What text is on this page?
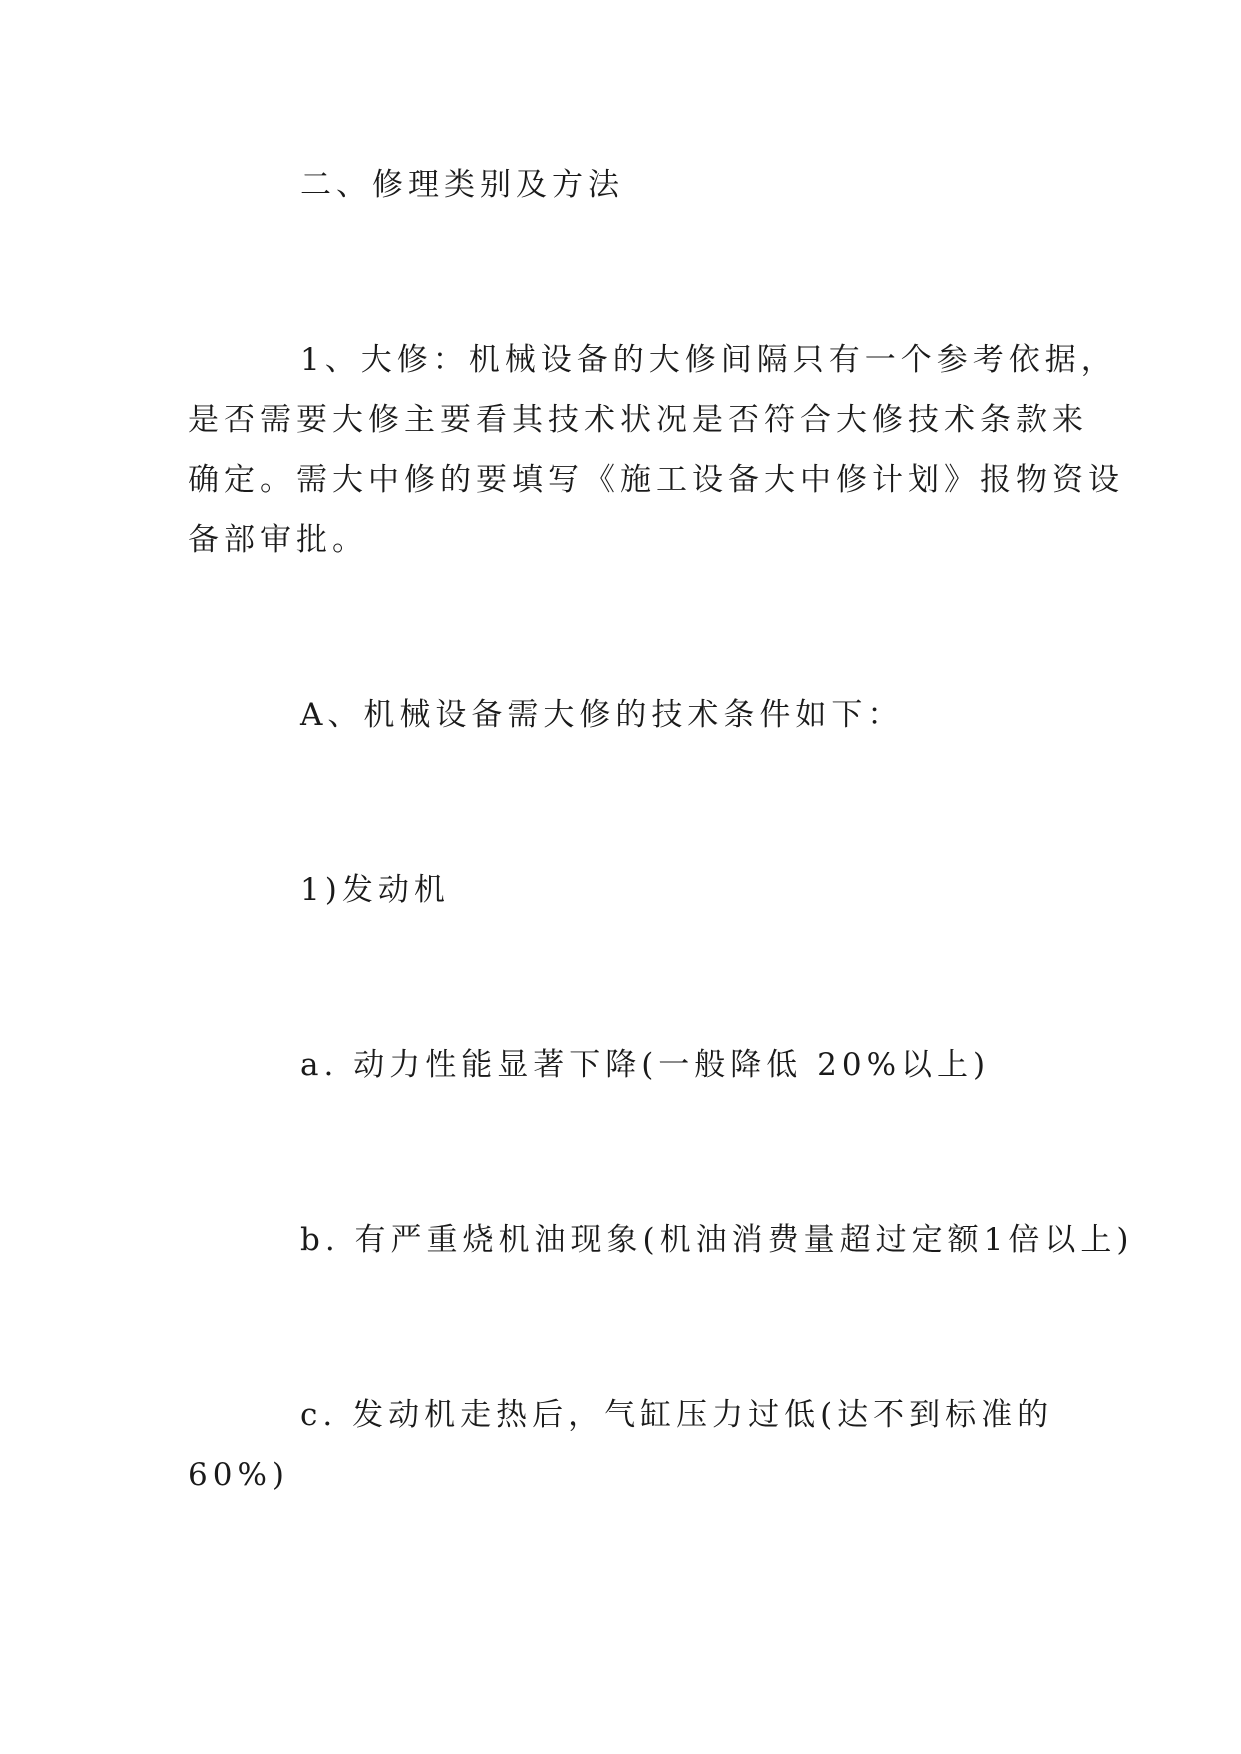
二、修理类别及方法

1、大修：机械设备的大修间隔只有一个参考依据，

是否需要大修主要看其技术状况是否符合大修技术条款来

确定。需大中修的要填写《施工设备大中修计划》报物资设

备部审批。

A、机械设备需大修的技术条件如下：

1)发动机

a. 动力性能显著下降(一般降低 20%以上)

b. 有严重烧机油现象(机油消费量超过定额1倍以上)

c. 发动机走热后，气缸压力过低(达不到标准的

60%)
